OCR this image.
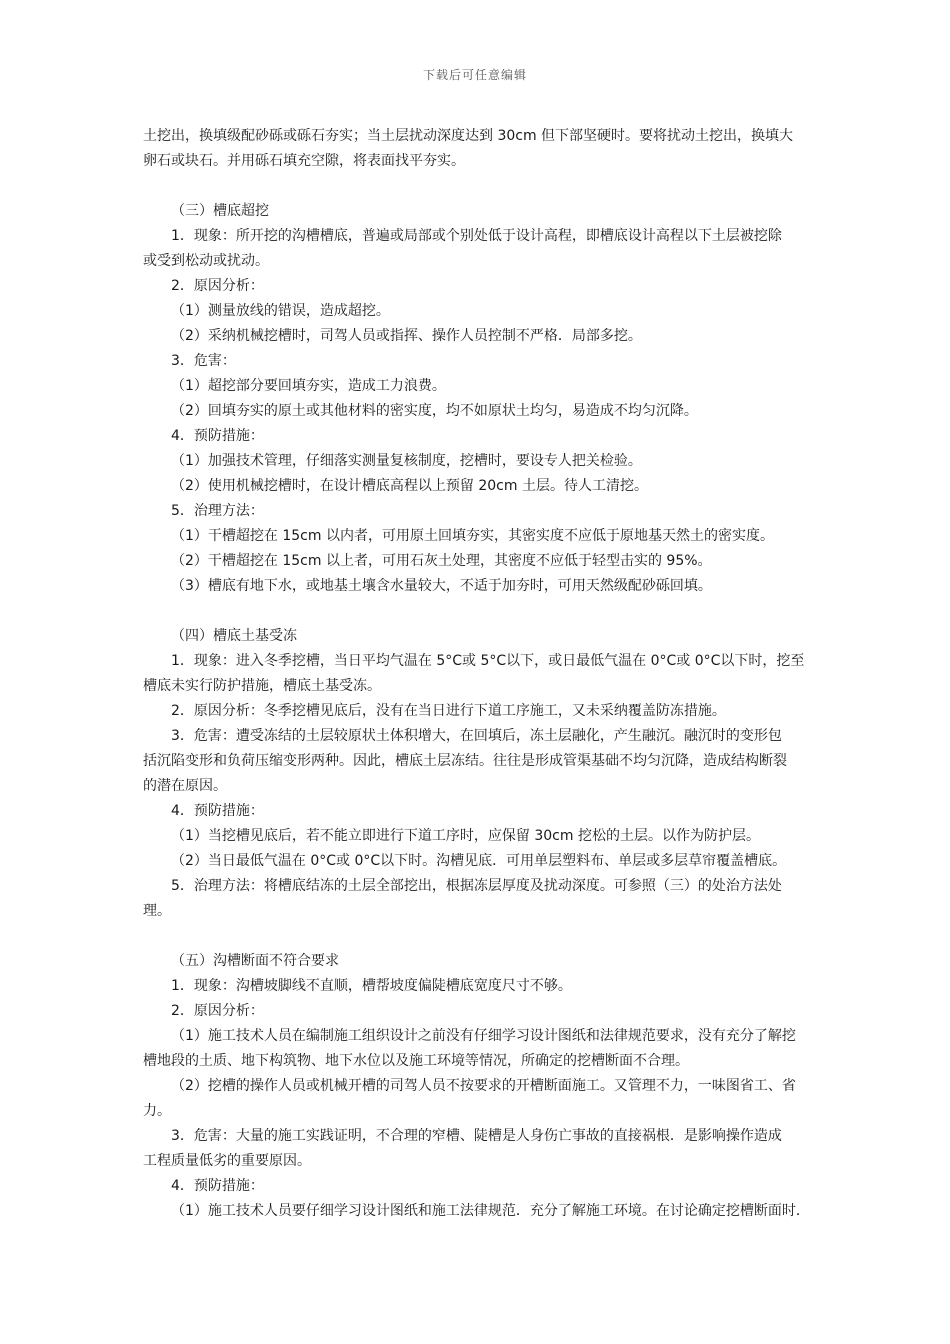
下载后可任意编辑
土挖出，换填级配砂砾或砾石夯实；当土层扰动深度达到 30cm 但下部坚硬时。要将扰动土挖出，换填大
卵石或块石。并用砾石填充空隙，将表面找平夯实。
（三）槽底超挖
1．现象：所开挖的沟槽槽底，普遍或局部或个别处低于设计高程，即槽底设计高程以下土层被挖除
或受到松动或扰动。
2．原因分析：
（1）测量放线的错误，造成超挖。
（2）采纳机械挖槽时，司驾人员或指挥、操作人员控制不严格．局部多挖。
3．危害：
（1）超挖部分要回填夯实，造成工力浪费。
（2）回填夯实的原土或其他材料的密实度，均不如原状土均匀，易造成不均匀沉降。
4．预防措施：
（1）加强技术管理，仔细落实测量复核制度，挖槽时，要设专人把关检验。
（2）使用机械挖槽时，在设计槽底高程以上预留 20cm 土层。待人工清挖。
5．治理方法：
（1）干槽超挖在 15cm 以内者，可用原土回填夯实，其密实度不应低于原地基天然土的密实度。
（2）干槽超挖在 15cm 以上者，可用石灰土处理，其密度不应低于轻型击实的 95%。
（3）槽底有地下水，或地基土壤含水量较大，不适于加夯时，可用天然级配砂砾回填。
（四）槽底土基受冻
1．现象：进入冬季挖槽，当日平均气温在 5°C或 5°C以下，或日最低气温在 0°C或 0°C以下时，挖至
槽底未实行防护措施，槽底土基受冻。
2．原因分析：冬季挖槽见底后，没有在当日进行下道工序施工，又未采纳覆盖防冻措施。
3．危害：遭受冻结的土层较原状土体积增大，在回填后，冻土层融化，产生融沉。融沉时的变形包
括沉陷变形和负荷压缩变形两种。因此，槽底土层冻结。往往是形成管渠基础不均匀沉降，造成结构断裂
的潜在原因。
4．预防措施：
（1）当挖槽见底后，若不能立即进行下道工序时，应保留 30cm 挖松的土层。以作为防护层。
（2）当日最低气温在 0°C或 0°C以下时。沟槽见底．可用单层塑料布、单层或多层草帘覆盖槽底。
5．治理方法：将槽底结冻的土层全部挖出，根据冻层厚度及扰动深度。可参照（三）的处治方法处
理。
（五）沟槽断面不符合要求
1．现象：沟槽坡脚线不直顺，槽帮坡度偏陡槽底宽度尺寸不够。
2．原因分析：
（1）施工技术人员在编制施工组织设计之前没有仔细学习设计图纸和法律规范要求，没有充分了解挖
槽地段的土质、地下构筑物、地下水位以及施工环境等情况，所确定的挖槽断面不合理。
（2）挖槽的操作人员或机械开槽的司驾人员不按要求的开槽断面施工。又管理不力，一味图省工、省
力。
3．危害：大量的施工实践证明，不合理的窄槽、陡槽是人身伤亡事故的直接祸根．是影响操作造成
工程质量低劣的重要原因。
4．预防措施：
（1）施工技术人员要仔细学习设计图纸和施工法律规范．充分了解施工环境。在讨论确定挖槽断面时．
